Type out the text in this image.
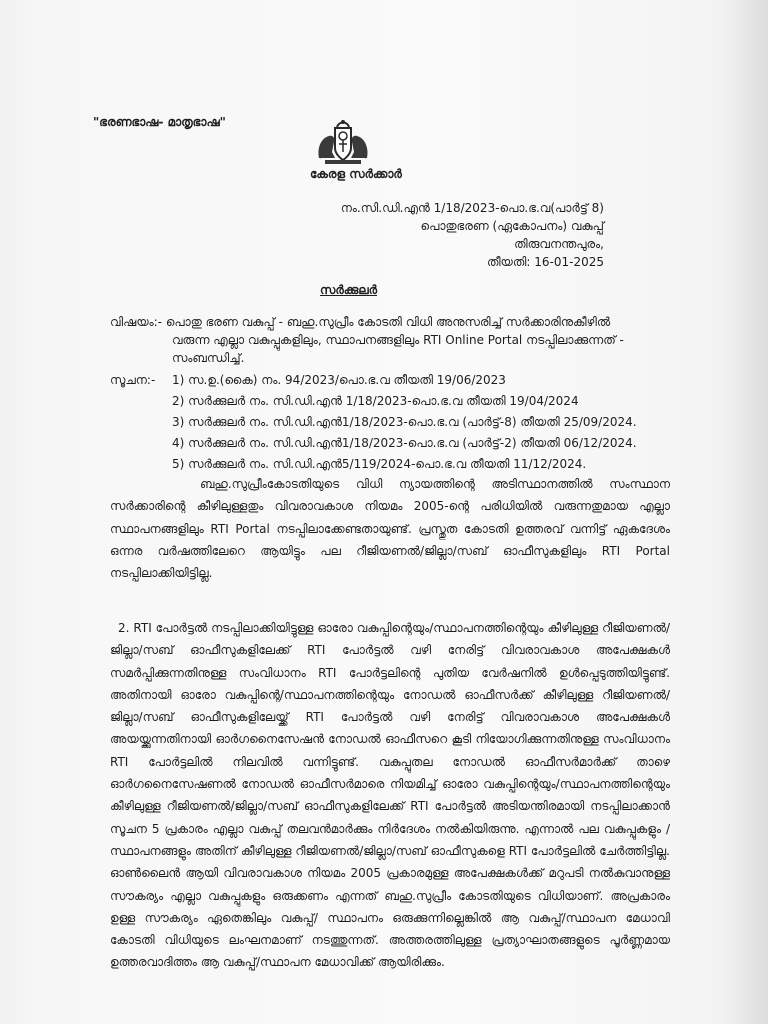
"ഭരണഭാഷ- മാതൃഭാഷ"
കേരള സർക്കാർ
നം.സി.ഡി.എൻ 1/18/2023-പൊ.ഭ.വ(പാർട്ട് 8)
പൊതുഭരണ (ഏകോപനം) വകുപ്പ്
തിരുവനന്തപുരം,
തീയതി: 16-01-2025
സർക്കുലർ
വിഷയം:- പൊതു ഭരണ വകുപ്പ് - ബഹു.സുപ്രീം കോടതി വിധി അനുസരിച്ച് സർക്കാരിനുകീഴിൽ
വരുന്ന എല്ലാ വകുപ്പുകളിലും, സ്ഥാപനങ്ങളിലും RTI Online Portal നടപ്പിലാക്കുന്നത് -
സംബന്ധിച്ച്.
സൂചന:- 1) സ.ഉ.(കൈ) നം. 94/2023/പൊ.ഭ.വ തീയതി 19/06/2023
2) സർക്കുലർ നം. സി.ഡി.എൻ 1/18/2023-പൊ.ഭ.വ തീയതി 19/04/2024
3) സർക്കുലർ നം. സി.ഡി.എൻ1/18/2023-പൊ.ഭ.വ (പാർട്ട്-8) തീയതി 25/09/2024.
4) സർക്കുലർ നം. സി.ഡി.എൻ1/18/2023-പൊ.ഭ.വ (പാർട്ട്-2) തീയതി 06/12/2024.
5) സർക്കുലർ നം. സി.ഡി.എൻ5/119/2024-പൊ.ഭ.വ തീയതി 11/12/2024.
ബഹു.സുപ്രീംകോടതിയുടെ വിധി ന്യായത്തിന്റെ അടിസ്ഥാനത്തിൽ സംസ്ഥാന സർക്കാരിന്റെ കീഴിലുള്ളതും വിവരാവകാശ നിയമം 2005-ന്റെ പരിധിയിൽ വരുന്നതുമായ എല്ലാ സ്ഥാപനങ്ങളിലും RTI Portal നടപ്പിലാക്കേണ്ടതായുണ്ട്. പ്രസ്തുത കോടതി ഉത്തരവ് വന്നിട്ട് ഏകദേശം ഒന്നര വർഷത്തിലേറെ ആയിട്ടും പല റീജിയണൽ/ജില്ലാ/സബ് ഓഫീസുകളിലും RTI Portal നടപ്പിലാക്കിയിട്ടില്ല.
2. RTI പോർട്ടൽ നടപ്പിലാക്കിയിട്ടുള്ള ഓരോ വകുപ്പിന്റെയും/സ്ഥാപനത്തിന്റെയും കീഴിലുള്ള റീജിയണൽ/ജില്ലാ/സബ് ഓഫീസുകളിലേക്ക് RTI പോർട്ടൽ വഴി നേരിട്ട് വിവരാവകാശ അപേക്ഷകൾ സമർപ്പിക്കുന്നതിനുള്ള സംവിധാനം RTI പോർട്ടലിന്റെ പുതിയ വേർഷനിൽ ഉൾപ്പെടുത്തിയിട്ടുണ്ട്. അതിനായി ഓരോ വകുപ്പിന്റെ/സ്ഥാപനത്തിന്റെയും നോഡൽ ഓഫീസർക്ക് കീഴിലുള്ള റീജിയണൽ/ജില്ലാ/സബ് ഓഫീസുകളിലേയ്ക്ക് RTI പോർട്ടൽ വഴി നേരിട്ട് വിവരാവകാശ അപേക്ഷകൾ അയയ്ക്കുന്നതിനായി ഓർഗനൈസേഷൻ നോഡൽ ഓഫീസറെ കൂടി നിയോഗിക്കുന്നതിനുള്ള സംവിധാനം RTI പോർട്ടലിൽ നിലവിൽ വന്നിട്ടുണ്ട്. വകുപ്പുതല നോഡൽ ഓഫീസർമാർക്ക് താഴെ ഓർഗനൈസേഷണൽ നോഡൽ ഓഫീസർമാരെ നിയമിച്ച് ഓരോ വകുപ്പിന്റെയും/സ്ഥാപനത്തിന്റെയും കീഴിലുള്ള റീജിയണൽ/ജില്ലാ/സബ് ഓഫീസുകളിലേക്ക് RTI പോർട്ടൽ അടിയന്തിരമായി നടപ്പിലാക്കാൻ സൂചന 5 പ്രകാരം എല്ലാ വകുപ്പ് തലവൻമാർക്കും നിർദേശം നൽകിയിരുന്നു. എന്നാൽ പല വകുപ്പുകളും /സ്ഥാപനങ്ങളും അതിന് കീഴിലുള്ള റീജിയണൽ/ജില്ലാ/സബ് ഓഫീസുകളെ RTI പോർട്ടലിൽ ചേർത്തിട്ടില്ല. ഓൺലൈൻ ആയി വിവരാവകാശ നിയമം 2005 പ്രകാരമുള്ള അപേക്ഷകൾക്ക് മറുപടി നൽകുവാനുള്ള സൗകര്യം എല്ലാ വകുപ്പുകളും ഒരുക്കണം എന്നത് ബഹു.സുപ്രീം കോടതിയുടെ വിധിയാണ്. അപ്രകാരം ഉള്ള സൗകര്യം ഏതെങ്കിലും വകുപ്പ്/ സ്ഥാപനം ഒരുക്കുന്നില്ലെങ്കിൽ ആ വകുപ്പ്/സ്ഥാപന മേധാവി കോടതി വിധിയുടെ ലംഘനമാണ് നടത്തുന്നത്. അത്തരത്തിലുള്ള പ്രത്യാഘാതങ്ങളുടെ പൂർണ്ണമായ ഉത്തരവാദിത്തം ആ വകുപ്പ്/സ്ഥാപന മേധാവിക്ക് ആയിരിക്കും.
